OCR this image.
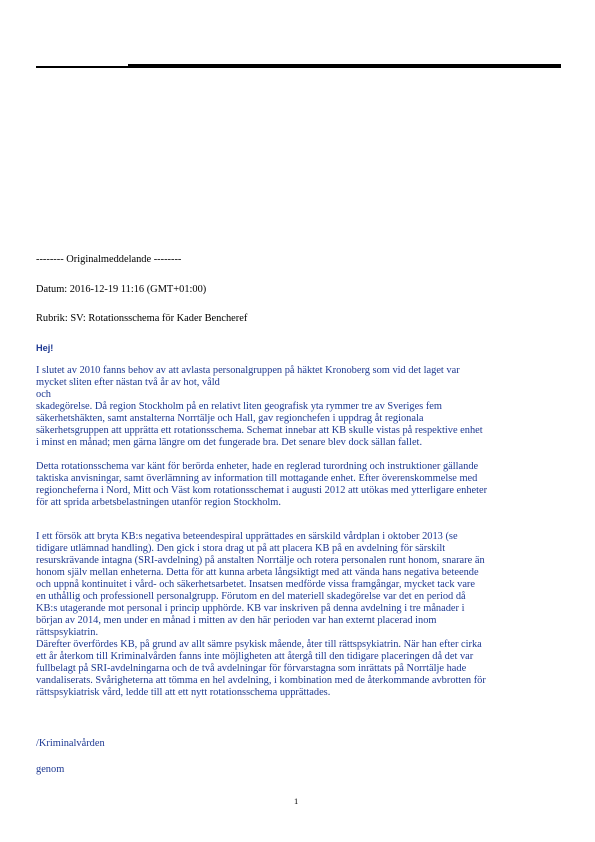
-------- Originalmeddelande --------
Datum: 2016-12-19 11:16 (GMT+01:00)
Rubrik: SV: Rotationsschema för Kader Bencheref
Hej!
I slutet av 2010 fanns behov av att avlasta personalgruppen på häktet Kronoberg som vid det laget var
mycket sliten efter nästan två år av hot, våld
och
skadegörelse. Då region Stockholm på en relativt liten geografisk yta rymmer tre av Sveriges fem
säkerhetshäkten, samt anstalterna Norrtälje och Hall, gav regionchefen i uppdrag åt regionala
säkerhetsgruppen att upprätta ett rotationsschema. Schemat innebar att KB skulle vistas på respektive enhet
i minst en månad; men gärna längre om det fungerade bra. Det senare blev dock sällan fallet.
Detta rotationsschema var känt för berörda enheter, hade en reglerad turordning och instruktioner gällande
taktiska anvisningar, samt överlämning av information till mottagande enhet. Efter överenskommelse med
regioncheferna i Nord, Mitt och Väst kom rotationsschemat i augusti 2012 att utökas med ytterligare enheter
för att sprida arbetsbelastningen utanför region Stockholm.
I ett försök att bryta KB:s negativa beteendespiral upprättades en särskild vårdplan i oktober 2013 (se
tidigare utlämnad handling). Den gick i stora drag ut på att placera KB på en avdelning för särskilt
resurskrävande intagna (SRI-avdelning) på anstalten Norrtälje och rotera personalen runt honom, snarare än
honom själv mellan enheterna. Detta för att kunna arbeta långsiktigt med att vända hans negativa beteende
och uppnå kontinuitet i vård- och säkerhetsarbetet. Insatsen medförde vissa framgångar, mycket tack vare
en uthållig och professionell personalgrupp. Förutom en del materiell skadegörelse var det en period då
KB:s utagerande mot personal i princip upphörde. KB var inskriven på denna avdelning i tre månader i
början av 2014, men under en månad i mitten av den här perioden var han externt placerad inom
rättspsykiatrin.
Därefter överfördes KB, på grund av allt sämre psykisk mående, åter till rättspsykiatrin. När han efter cirka
ett år återkom till Kriminalvården fanns inte möjligheten att återgå till den tidigare placeringen då det var
fullbelagt på SRI-avdelningarna och de två avdelningar för förvarstagna som inrättats på Norrtälje hade
vandaliserats. Svårigheterna att tömma en hel avdelning, i kombination med de återkommande avbrotten för
rättspsykiatrisk vård, ledde till att ett nytt rotationsschema upprättades.
/Kriminalvården
genom
1
